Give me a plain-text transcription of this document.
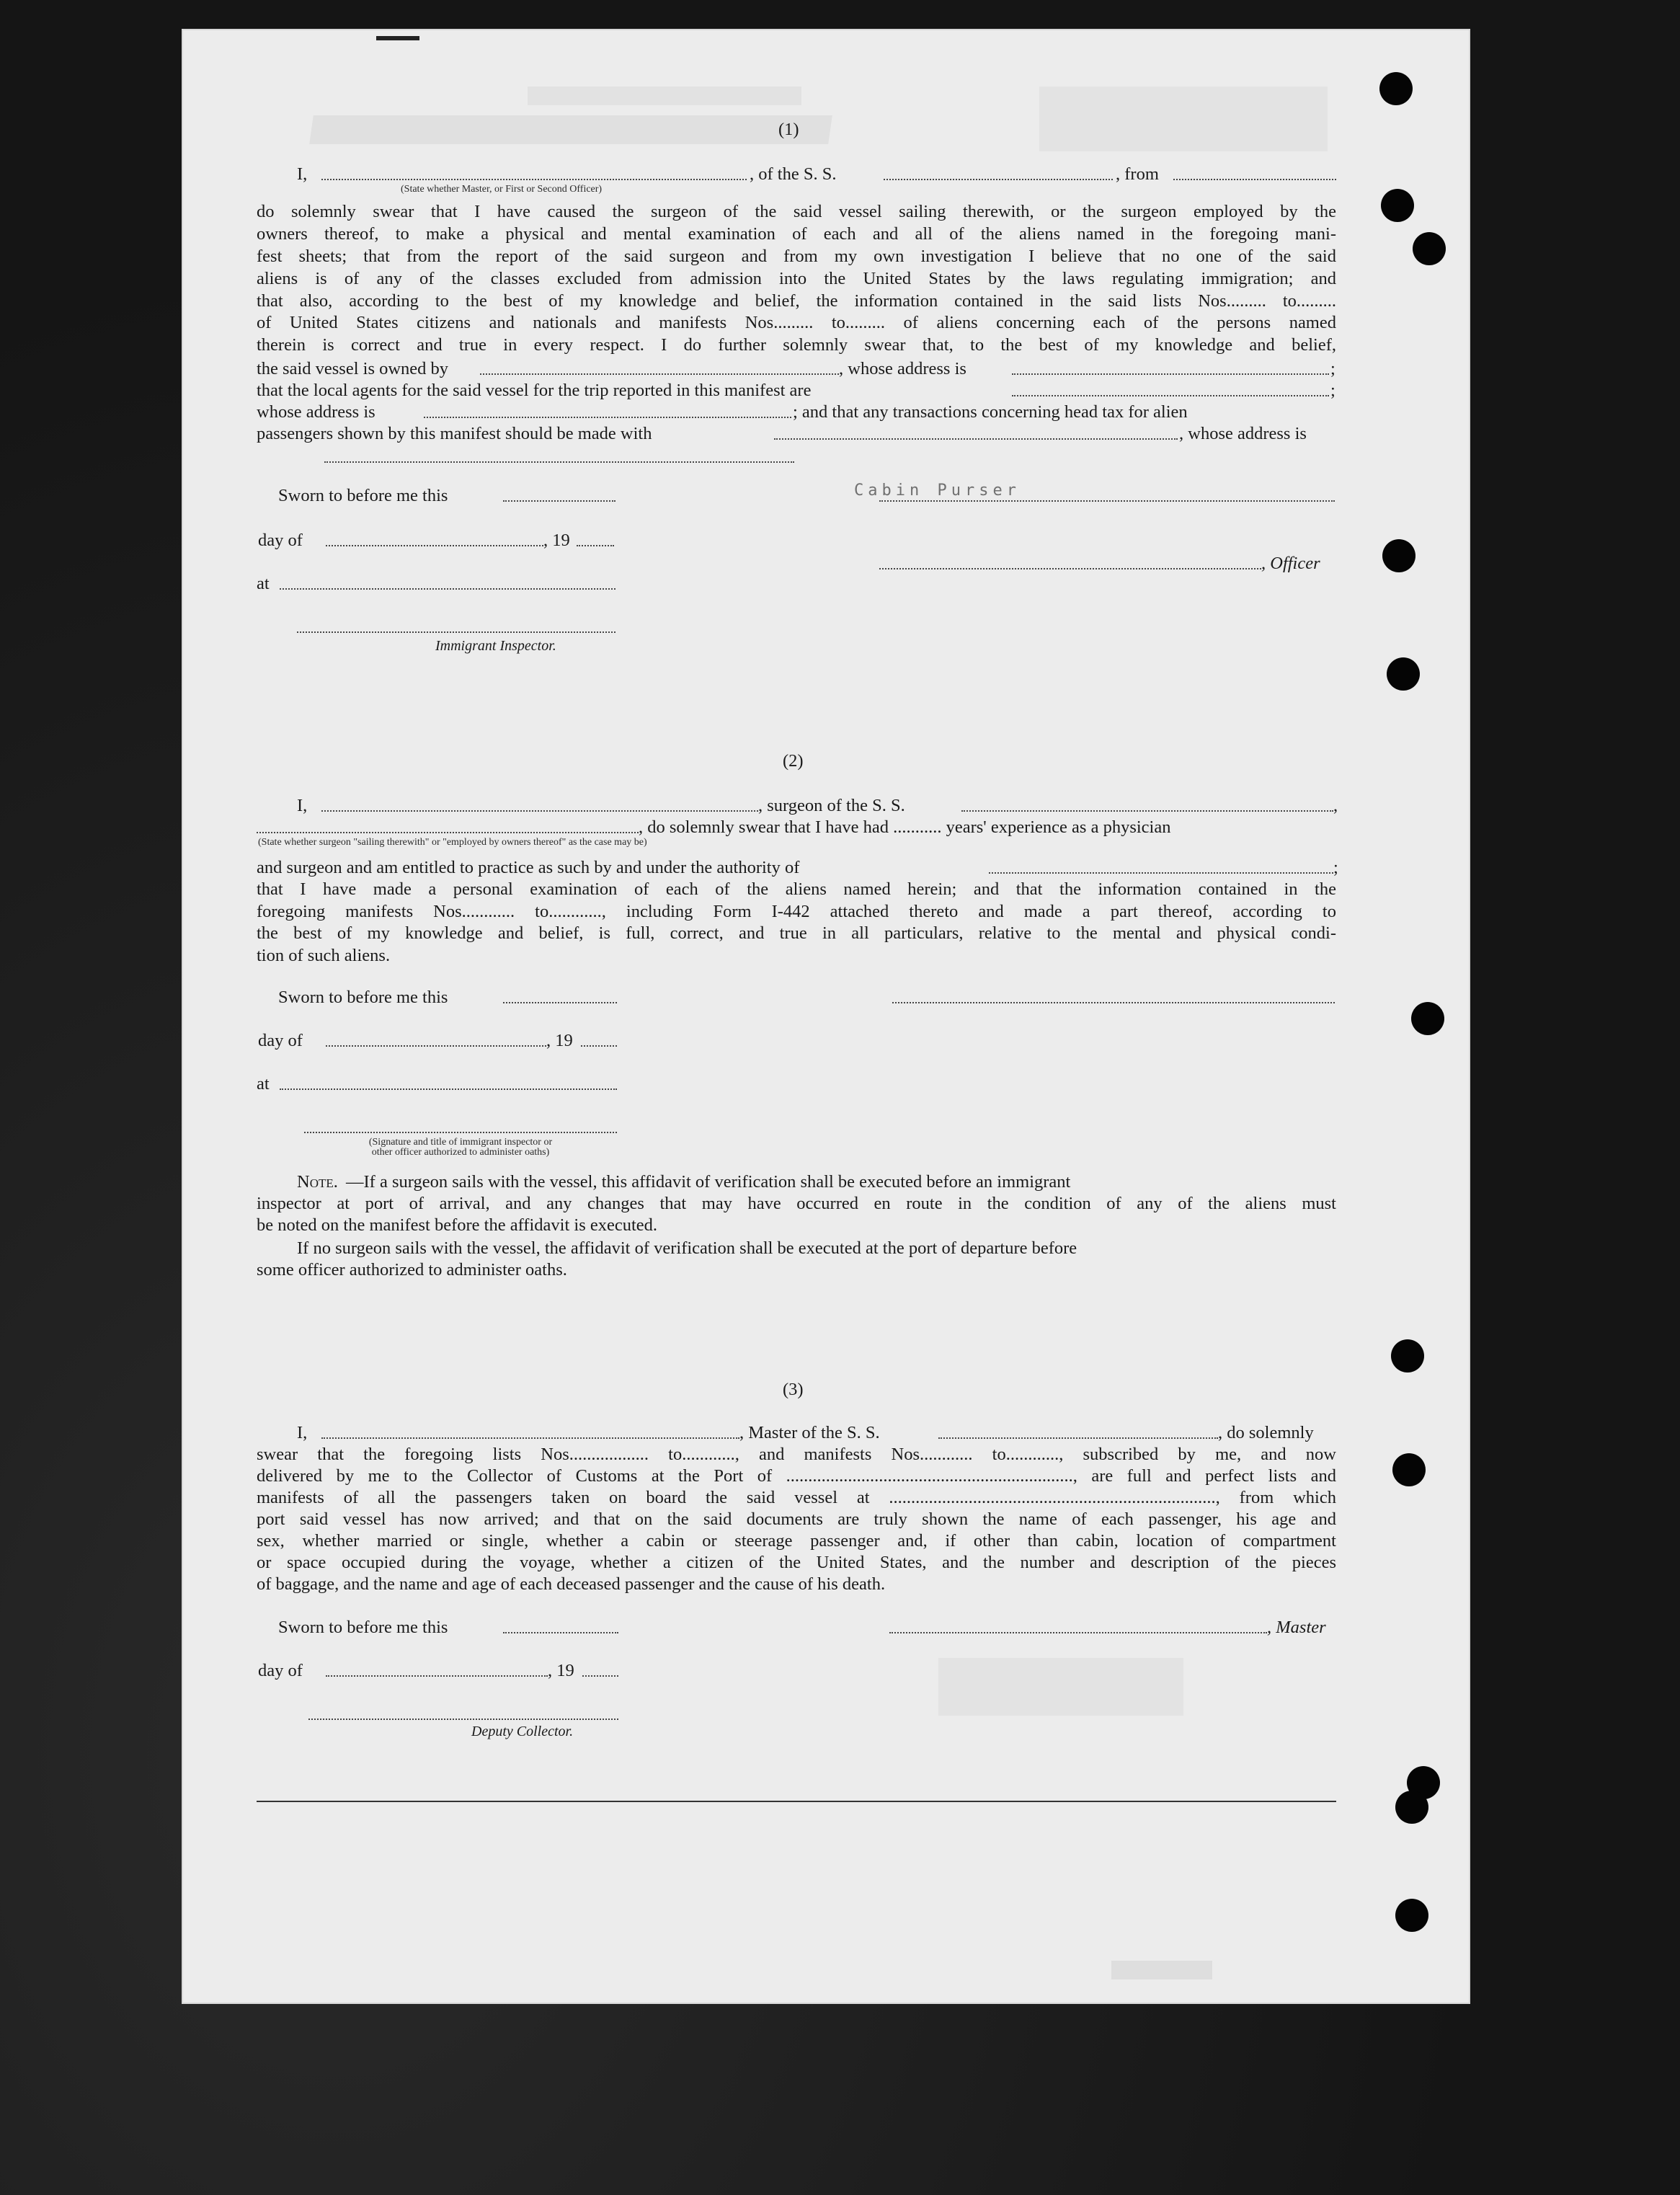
(1)
I,	, of the S. S.	, from
(State whether Master, or First or Second Officer)
do solemnly swear that I have caused the surgeon of the said vessel sailing therewith, or the surgeon employed by the
owners thereof, to make a physical and mental examination of each and all of the aliens named in the foregoing mani-
fest sheets; that from the report of the said surgeon and from my own investigation I believe that no one of the said
aliens is of any of the classes excluded from admission into the United States by the laws regulating immigration; and
that also, according to the best of my knowledge and belief, the information contained in the said lists Nos......... to.........
of United States citizens and nationals and manifests Nos......... to......... of aliens concerning each of the persons named
therein is correct and true in every respect. I do further solemnly swear that, to the best of my knowledge and belief,
the said vessel is owned by	, whose address is	;
that the local agents for the said vessel for the trip reported in this manifest are	;
whose address is	; and that any transactions concerning head tax for alien
passengers shown by this manifest should be made with	, whose address is
Sworn to before me this	Cabin Purser
day of	, 19
, Officer
at
Immigrant Inspector.
(2)
I,	, surgeon of the S. S.	,
, do solemnly swear that I have had ........... years' experience as a physician
(State whether surgeon "sailing therewith" or "employed by owners thereof" as the case may be)
and surgeon and am entitled to practice as such by and under the authority of	;
that I have made a personal examination of each of the aliens named herein; and that the information contained in the
foregoing manifests Nos............ to............, including Form I-442 attached thereto and made a part thereof, according to
the best of my knowledge and belief, is full, correct, and true in all particulars, relative to the mental and physical condi-
tion of such aliens.
Sworn to before me this
day of	, 19
at
(Signature and title of immigrant inspector or
other officer authorized to administer oaths)
Note. —If a surgeon sails with the vessel, this affidavit of verification shall be executed before an immigrant
inspector at port of arrival, and any changes that may have occurred en route in the condition of any of the aliens must
be noted on the manifest before the affidavit is executed.
If no surgeon sails with the vessel, the affidavit of verification shall be executed at the port of departure before
some officer authorized to administer oaths.
(3)
I,	, Master of the S. S.	, do solemnly
swear that the foregoing lists Nos.................. to............, and manifests Nos............ to............, subscribed by me, and now
delivered by me to the Collector of Customs at the Port of ................................................................., are full and perfect lists and
manifests of all the passengers taken on board the said vessel at .........................................................................., from which
port said vessel has now arrived; and that on the said documents are truly shown the name of each passenger, his age and
sex, whether married or single, whether a cabin or steerage passenger and, if other than cabin, location of compartment
or space occupied during the voyage, whether a citizen of the United States, and the number and description of the pieces
of baggage, and the name and age of each deceased passenger and the cause of his death.
Sworn to before me this	, Master
day of	, 19
Deputy Collector.
